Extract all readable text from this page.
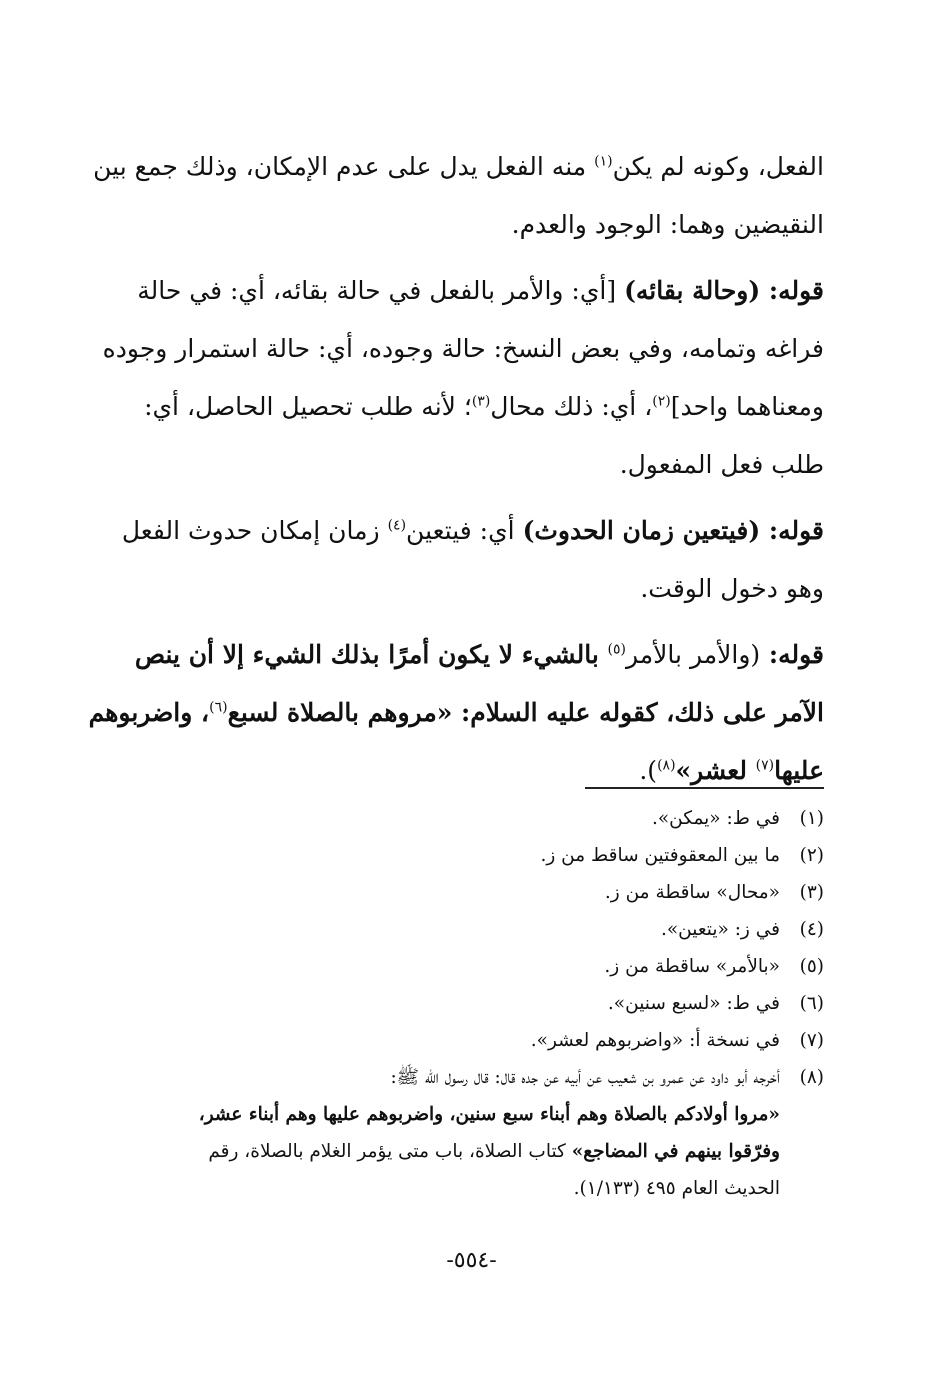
الفعل، وكونه لم يكن$^{(١)}$ منه الفعل يدل على عدم الإمكان، وذلك جمع بين
النقيضين وهما: الوجود والعدم.

قوله: (وحالة بقائه) [أي: والأمر بالفعل في حالة بقائه، أي: في حالة
فراغه وتمامه، وفي بعض النسخ: حالة وجوده، أي: حالة استمرار وجوده
ومعناهما واحد]$^{(٢)}$، أي: ذلك محال$^{(٣)}$؛ لأنه طلب تحصيل الحاصل، أي:
طلب فعل المفعول.

قوله: (فيتعين زمان الحدوث) أي: فيتعين$^{(٤)}$ زمان إمكان حدوث الفعل
وهو دخول الوقت.

قوله: (والأمر بالأمر$^{(٥)}$ بالشيء لا يكون أمرًا بذلك الشيء إلا أن ينص
الآمر على ذلك، كقوله عليه السلام: «مروهم بالصلاة لسبع$^{(٦)}$، واضربوهم
عليها$^{(٧)}$ لعشر»$^{(٨)}$).

(١)
في ط: «يمكن».
(٢)
ما بين المعقوفتين ساقط من ز.
(٣)
«محال» ساقطة من ز.
(٤)
في ز: «يتعين».
(٥)
«بالأمر» ساقطة من ز.
(٦)
في ط: «لسبع سنين».
(٧)
في نسخة أ: «واضربوهم لعشر».
(٨)
أخرجه أبو داود عن عمرو بن شعيب عن أبيه عن جده قال: قال رسول الله ﷺ:
«مروا أولادكم بالصلاة وهم أبناء سبع سنين، واضربوهم عليها وهم أبناء عشر،
وفرّقوا بينهم في المضاجع» كتاب الصلاة، باب متى يؤمر الغلام بالصلاة، رقم
الحديث العام ٤٩٥ (١/١٣٣).
-٥٥٤-
